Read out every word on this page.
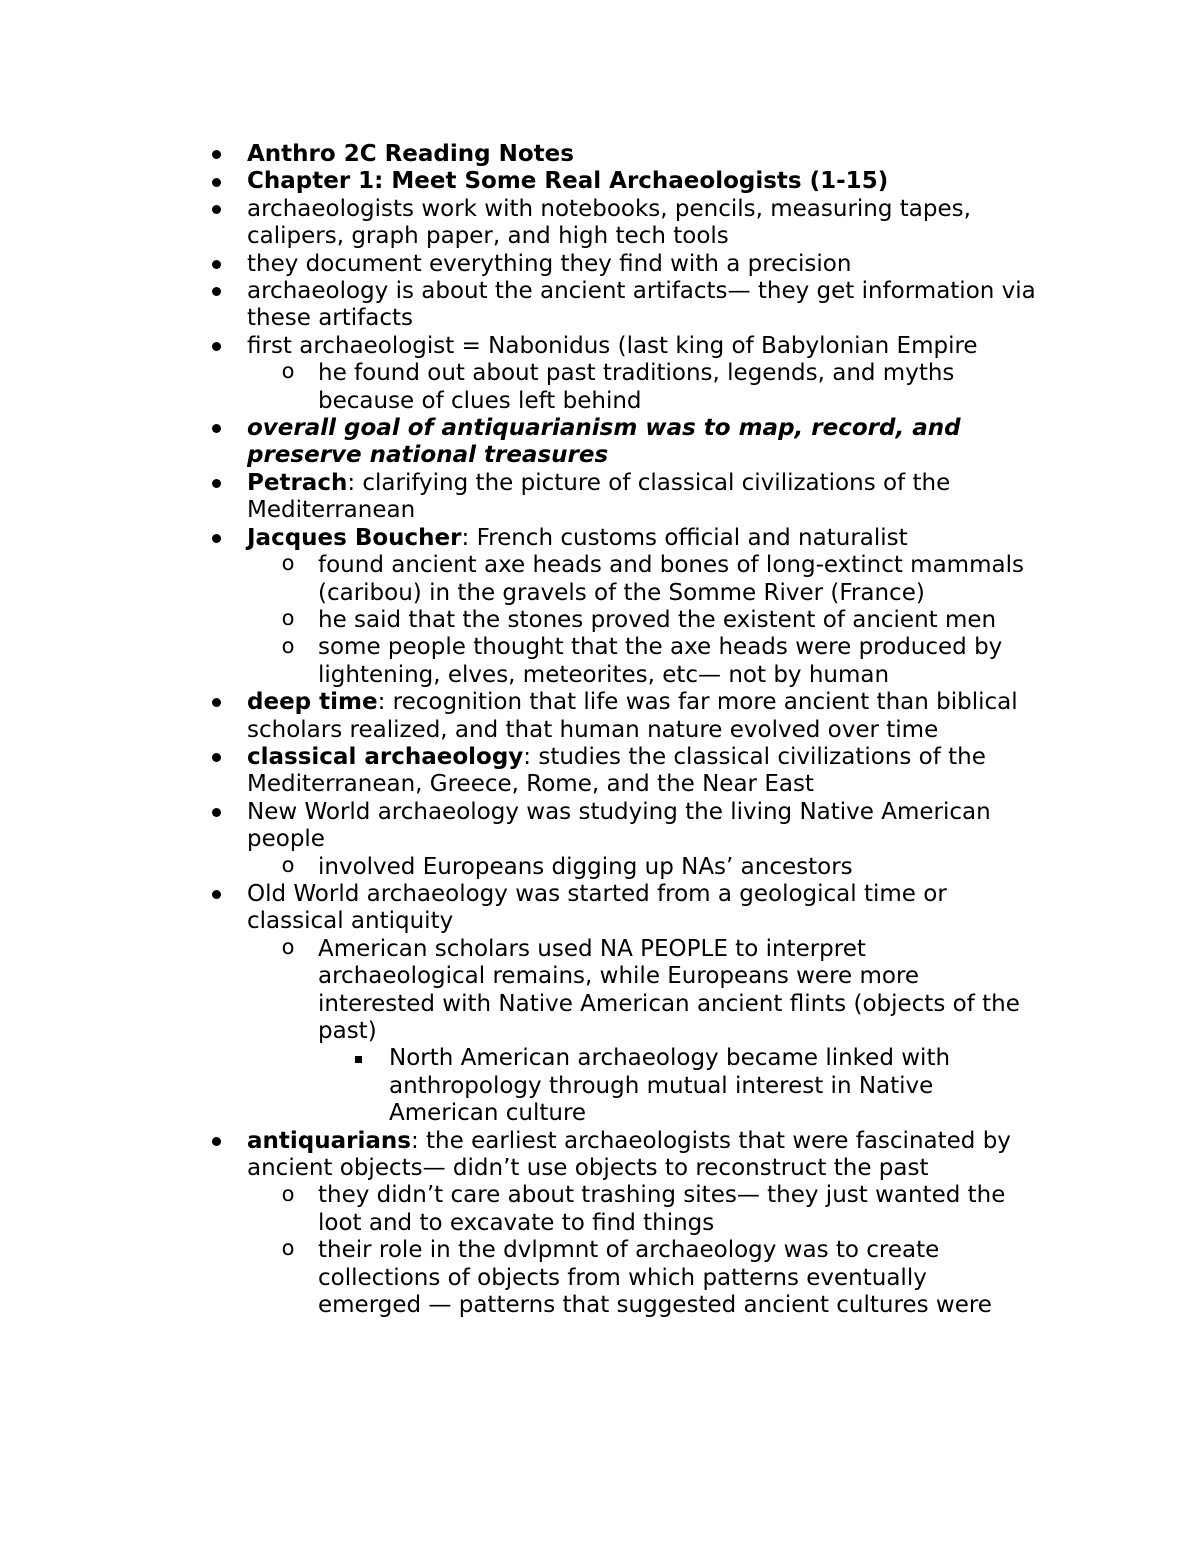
Anthro 2C Reading Notes
Chapter 1: Meet Some Real Archaeologists (1-15)
archaeologists work with notebooks, pencils, measuring tapes, calipers, graph paper, and high tech tools
they document everything they find with a precision
archaeology is about the ancient artifacts— they get information via these artifacts
first archaeologist = Nabonidus (last king of Babylonian Empire
o he found out about past traditions, legends, and myths because of clues left behind
overall goal of antiquarianism was to map, record, and preserve national treasures
Petrach: clarifying the picture of classical civilizations of the Mediterranean
Jacques Boucher: French customs official and naturalist
o found ancient axe heads and bones of long-extinct mammals (caribou) in the gravels of the Somme River (France)
o he said that the stones proved the existent of ancient men
o some people thought that the axe heads were produced by lightening, elves, meteorites, etc— not by human
deep time: recognition that life was far more ancient than biblical scholars realized, and that human nature evolved over time
classical archaeology: studies the classical civilizations of the Mediterranean, Greece, Rome, and the Near East
New World archaeology was studying the living Native American people
o involved Europeans digging up NAs’ ancestors
Old World archaeology was started from a geological time or classical antiquity
o American scholars used NA PEOPLE to interpret archaeological remains, while Europeans were more interested with Native American ancient flints (objects of the past)
North American archaeology became linked with anthropology through mutual interest in Native American culture
antiquarians: the earliest archaeologists that were fascinated by ancient objects— didn’t use objects to reconstruct the past
o they didn’t care about trashing sites— they just wanted the loot and to excavate to find things
o their role in the dvlpmnt of archaeology was to create collections of objects from which patterns eventually emerged — patterns that suggested ancient cultures were
